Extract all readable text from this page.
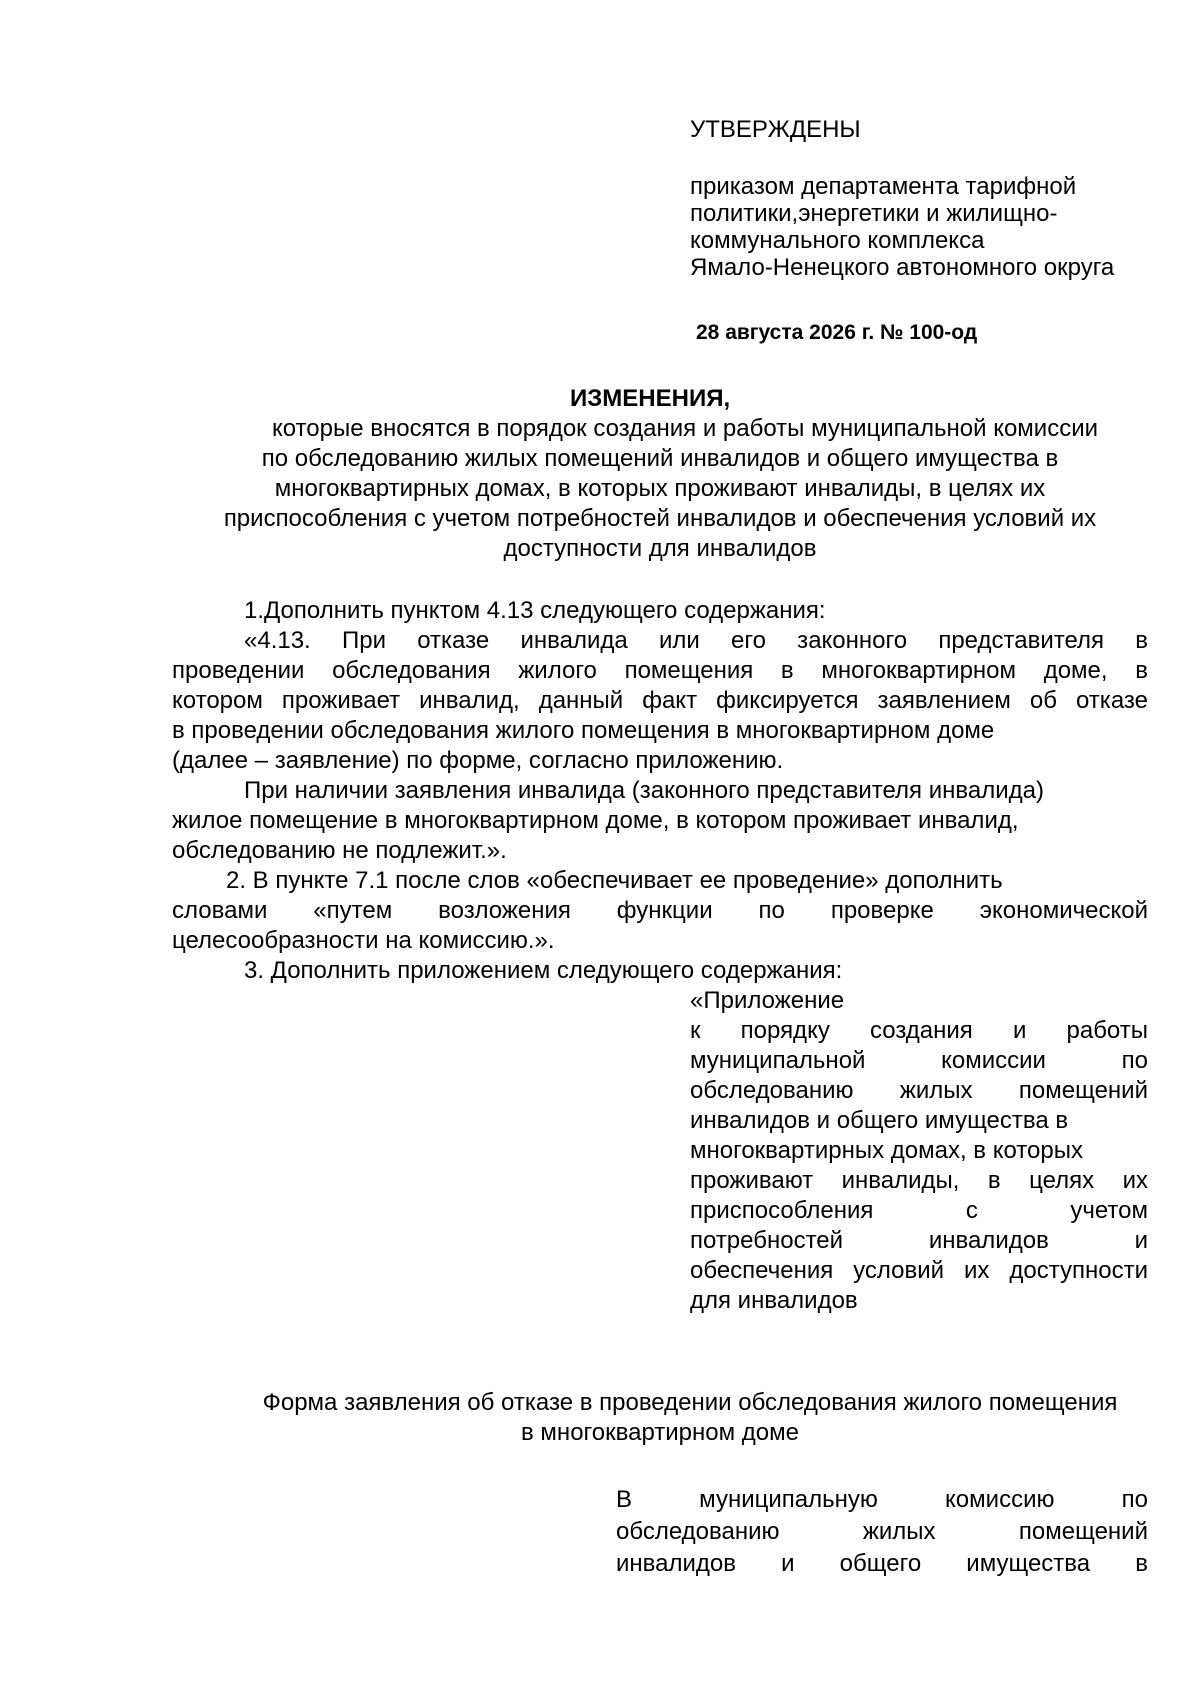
УТВЕРЖДЕНЫ
приказом департамента тарифной
политики,энергетики и жилищно-
коммунального комплекса
Ямало-Ненецкого автономного округа
28 августа 2026 г. № 100-од
ИЗМЕНЕНИЯ,
которые вносятся в порядок создания и работы муниципальной комиссии
по обследованию жилых помещений инвалидов и общего имущества в
многоквартирных домах, в которых проживают инвалиды, в целях их
приспособления с учетом потребностей инвалидов и обеспечения условий их
доступности для инвалидов
1.Дополнить пунктом 4.13 следующего содержания:
«4.13. При отказе инвалида или его законного представителя в
проведении обследования жилого помещения в многоквартирном доме, в
котором проживает инвалид, данный факт фиксируется заявлением об отказе
в проведении обследования жилого помещения в многоквартирном доме
(далее – заявление) по форме, согласно приложению.
При наличии заявления инвалида (законного представителя инвалида)
жилое помещение в многоквартирном доме, в котором проживает инвалид,
обследованию не подлежит.».
2. В пункте 7.1 после слов «обеспечивает ее проведение» дополнить
словами «путем возложения функции по проверке экономической
целесообразности на комиссию.».
3. Дополнить приложением следующего содержания:
«Приложение
к порядку создания и работы
муниципальной комиссии по
обследованию жилых помещений
инвалидов и общего имущества в
многоквартирных домах, в которых
проживают инвалиды, в целях их
приспособления с учетом
потребностей инвалидов и
обеспечения условий их доступности
для инвалидов
Форма заявления об отказе в проведении обследования жилого помещения
в многоквартирном доме
В муниципальную комиссию по
обследованию жилых помещений
инвалидов и общего имущества в
